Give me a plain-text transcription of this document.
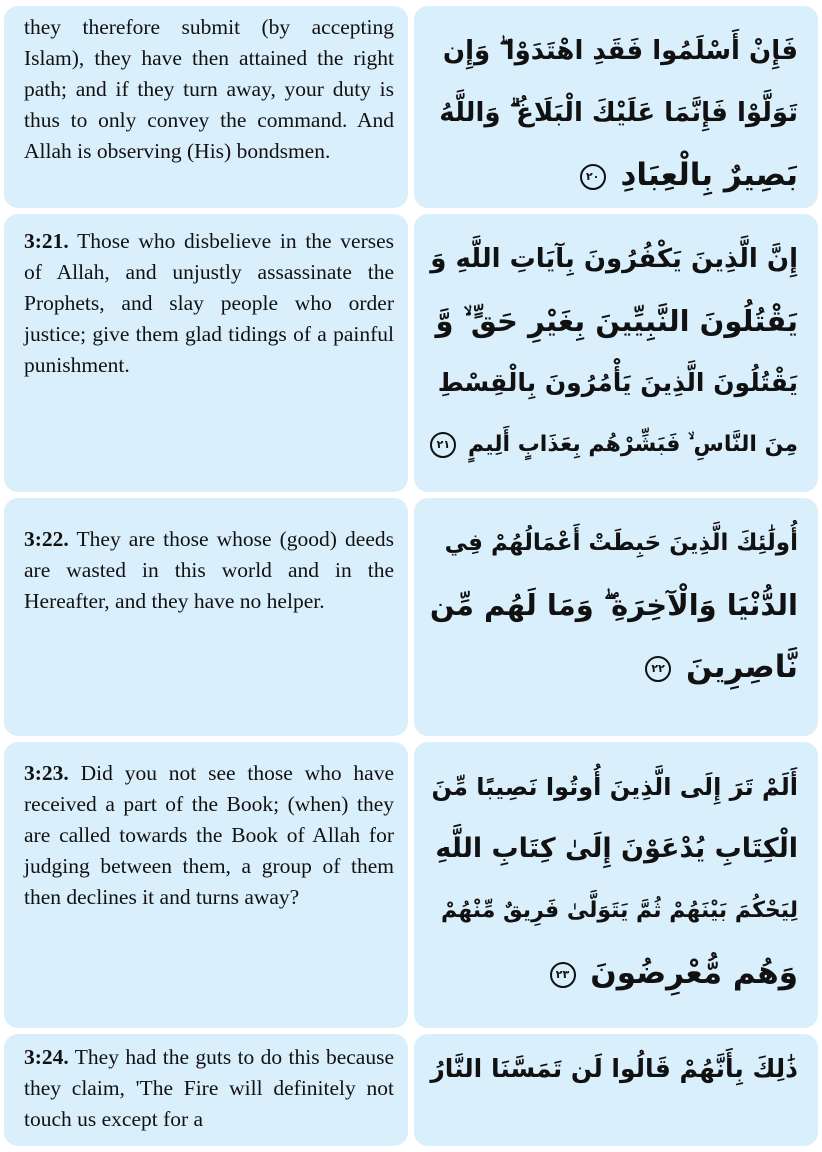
they therefore submit (by accepting Islam), they have then attained the right path; and if they turn away, your duty is thus to only convey the command. And Allah is observing (His) bondsmen.
فَإِنْ أَسْلَمُوا فَقَدِ اهْتَدَوْا ۖ وَإِن
تَوَلَّوْا فَإِنَّمَا عَلَيْكَ الْبَلَاغُ ۗ وَاللَّهُ
بَصِيرٌ بِالْعِبَادِ ٢٠
3:21. Those who disbelieve in the verses of Allah, and unjustly assassinate the Prophets, and slay people who order justice; give them glad tidings of a painful punishment.
إِنَّ الَّذِينَ يَكْفُرُونَ بِآيَاتِ اللَّهِ وَ
يَقْتُلُونَ النَّبِيِّينَ بِغَيْرِ حَقٍّ ۙ وَّ
يَقْتُلُونَ الَّذِينَ يَأْمُرُونَ بِالْقِسْطِ
مِنَ النَّاسِ ۙ فَبَشِّرْهُم بِعَذَابٍ أَلِيمٍ ٢١
3:22. They are those whose (good) deeds are wasted in this world and in the Hereafter, and they have no helper.
أُولَٰئِكَ الَّذِينَ حَبِطَتْ أَعْمَالُهُمْ فِي
الدُّنْيَا وَالْآخِرَةِ ۖ وَمَا لَهُم مِّن
نَّاصِرِينَ ٢٢
3:23. Did you not see those who have received a part of the Book; (when) they are called towards the Book of Allah for judging between them, a group of them then declines it and turns away?
أَلَمْ تَرَ إِلَى الَّذِينَ أُوتُوا نَصِيبًا مِّنَ
الْكِتَابِ يُدْعَوْنَ إِلَىٰ كِتَابِ اللَّهِ
لِيَحْكُمَ بَيْنَهُمْ ثُمَّ يَتَوَلَّىٰ فَرِيقٌ مِّنْهُمْ
وَهُم مُّعْرِضُونَ ٢٣
3:24. They had the guts to do this because they claim, 'The Fire will definitely not touch us except for a
ذَٰلِكَ بِأَنَّهُمْ قَالُوا لَن تَمَسَّنَا النَّارُ
